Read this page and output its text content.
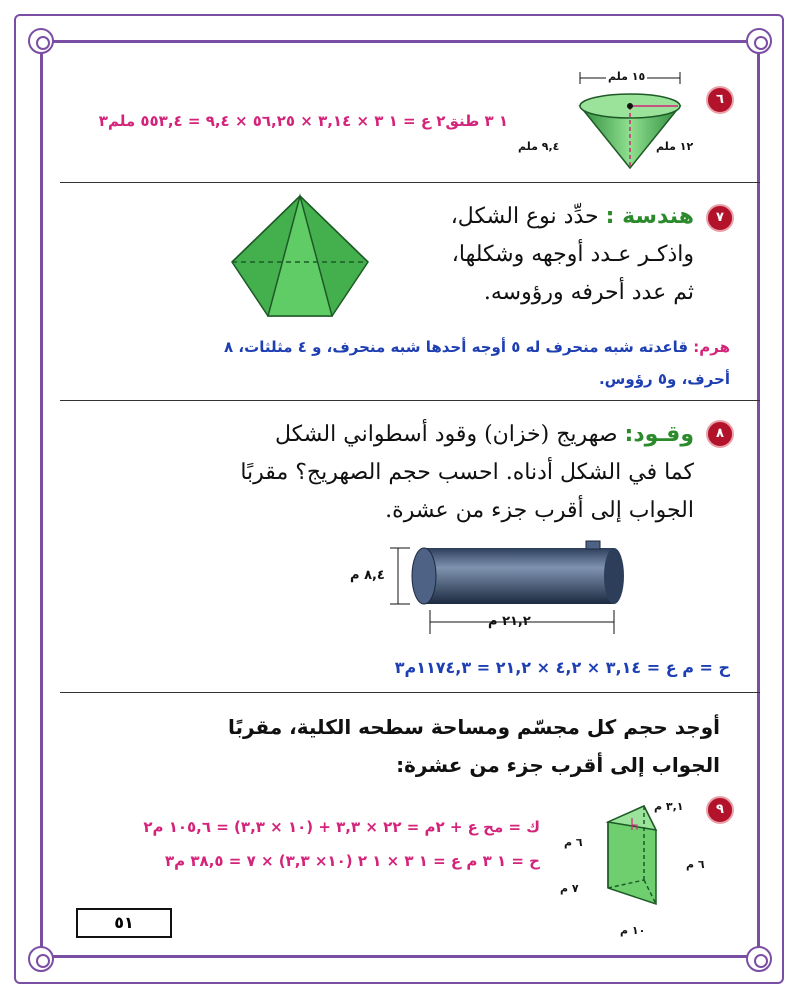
٦
١٥ ملم
٩,٤ ملم	١٢ ملم
١ ٣ طنق٢ ع = ١ ٣ × ٣,١٤ × ٥٦,٢٥ × ٩,٤ = ٥٥٣,٤ ملم٣
٧
هندسة : حدِّد نوع الشكل،
واذكـر عـدد أوجهه وشكلها،
ثم عدد أحرفه ورؤوسه.
هرم: قاعدته شبه منحرف له ٥ أوجه أحدها شبه منحرف، و ٤ مثلثات، ٨
أحرف، و٥ رؤوس.
٨
وقـود: صهريج (خزان) وقود أسطواني الشكل
كما في الشكل أدناه. احسب حجم الصهريج؟ مقربًا
الجواب إلى أقرب جزء من عشرة.
٨,٤ م
٢١,٢ م
ح = م ع = ٣,١٤ × ٤,٢ × ٢١,٢ = ١١٧٤,٣م٣
أوجد حجم كل مجسّم ومساحة سطحه الكلية، مقربًا
الجواب إلى أقرب جزء من عشرة:
٩
٣,١ م
٦ م
٦ م
٧ م
١٠ م
ك = مح ع + ٢م = ٢٢ × ٣,٣ + (١٠ × ٣,٣) = ١٠٥,٦ م٢
ح = ١ ٣ م ع = ١ ٣ × ١ ٢ (١٠× ٣,٣) × ٧ = ٣٨,٥ م٣
٥١
